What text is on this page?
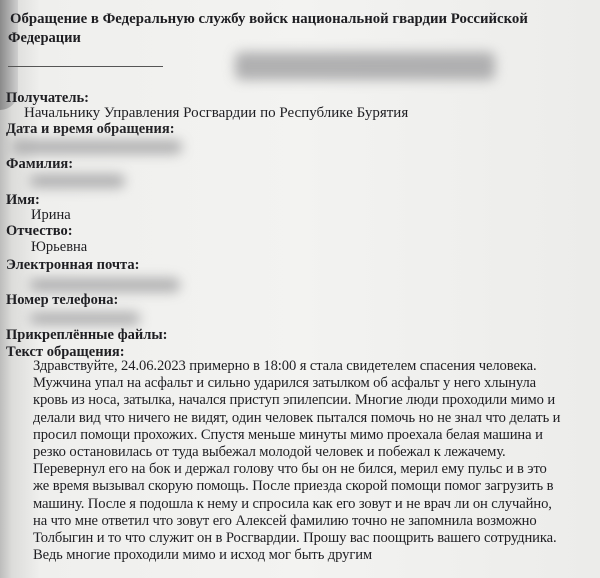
Обращение в Федеральную службу войск национальной гвардии Российской
Федерации
Получатель:
Начальнику Управления Росгвардии по Республике Бурятия
Дата и время обращения:
Фамилия:
Имя:
Ирина
Отчество:
Юрьевна
Электронная почта:
Номер телефона:
Прикреплённые файлы:
Текст обращения:
Здравствуйте, 24.06.2023 примерно в 18:00 я стала свидетелем спасения человека.
Мужчина упал на асфальт и сильно ударился затылком об асфальт у него хлынула
кровь из носа, затылка, начался приступ эпилепсии. Многие люди проходили мимо и
делали вид что ничего не видят, один человек пытался помочь но не знал что делать и
просил помощи прохожих. Спустя меньше минуты мимо проехала белая машина и
резко остановилась от туда выбежал молодой человек и побежал к лежачему.
Перевернул его на бок и держал голову что бы он не бился, мерил ему пульс и в это
же время вызывал скорую помощь. После приезда скорой помощи помог загрузить в
машину. После я подошла к нему и спросила как его зовут и не врач ли он случайно,
на что мне ответил что зовут его Алексей фамилию точно не запомнила возможно
Толбыгин и то что служит он в Росгвардии. Прошу вас поощрить вашего сотрудника.
Ведь многие проходили мимо и исход мог быть другим
